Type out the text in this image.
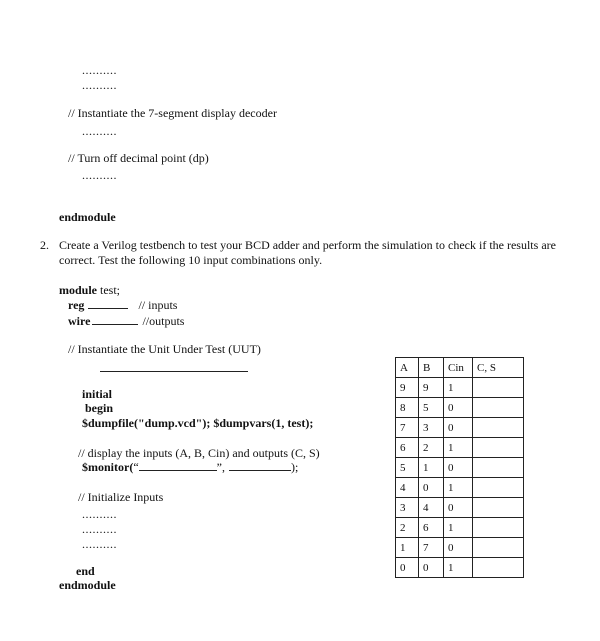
..........
..........
// Instantiate the 7-segment display decoder
..........
// Turn off decimal point (dp)
..........
endmodule
2. Create a Verilog testbench to test your BCD adder and perform the simulation to check if the results are correct. Test the following 10 input combinations only.
module test;
reg	// inputs
wire	//outputs
// Instantiate the Unit Under Test (UUT)
initial
begin
$dumpfile("dump.vcd"); $dumpvars(1, test);
// display the inputs (A, B, Cin) and outputs (C, S)
$monitor(“	”,	);
// Initialize Inputs
..........
..........
..........
end
endmodule
A	B	Cin	C, S
9	9	1	
8	5	0	
7	3	0	
6	2	1	
5	1	0	
4	0	1	
3	4	0	
2	6	1	
1	7	0	
0	0	1	
